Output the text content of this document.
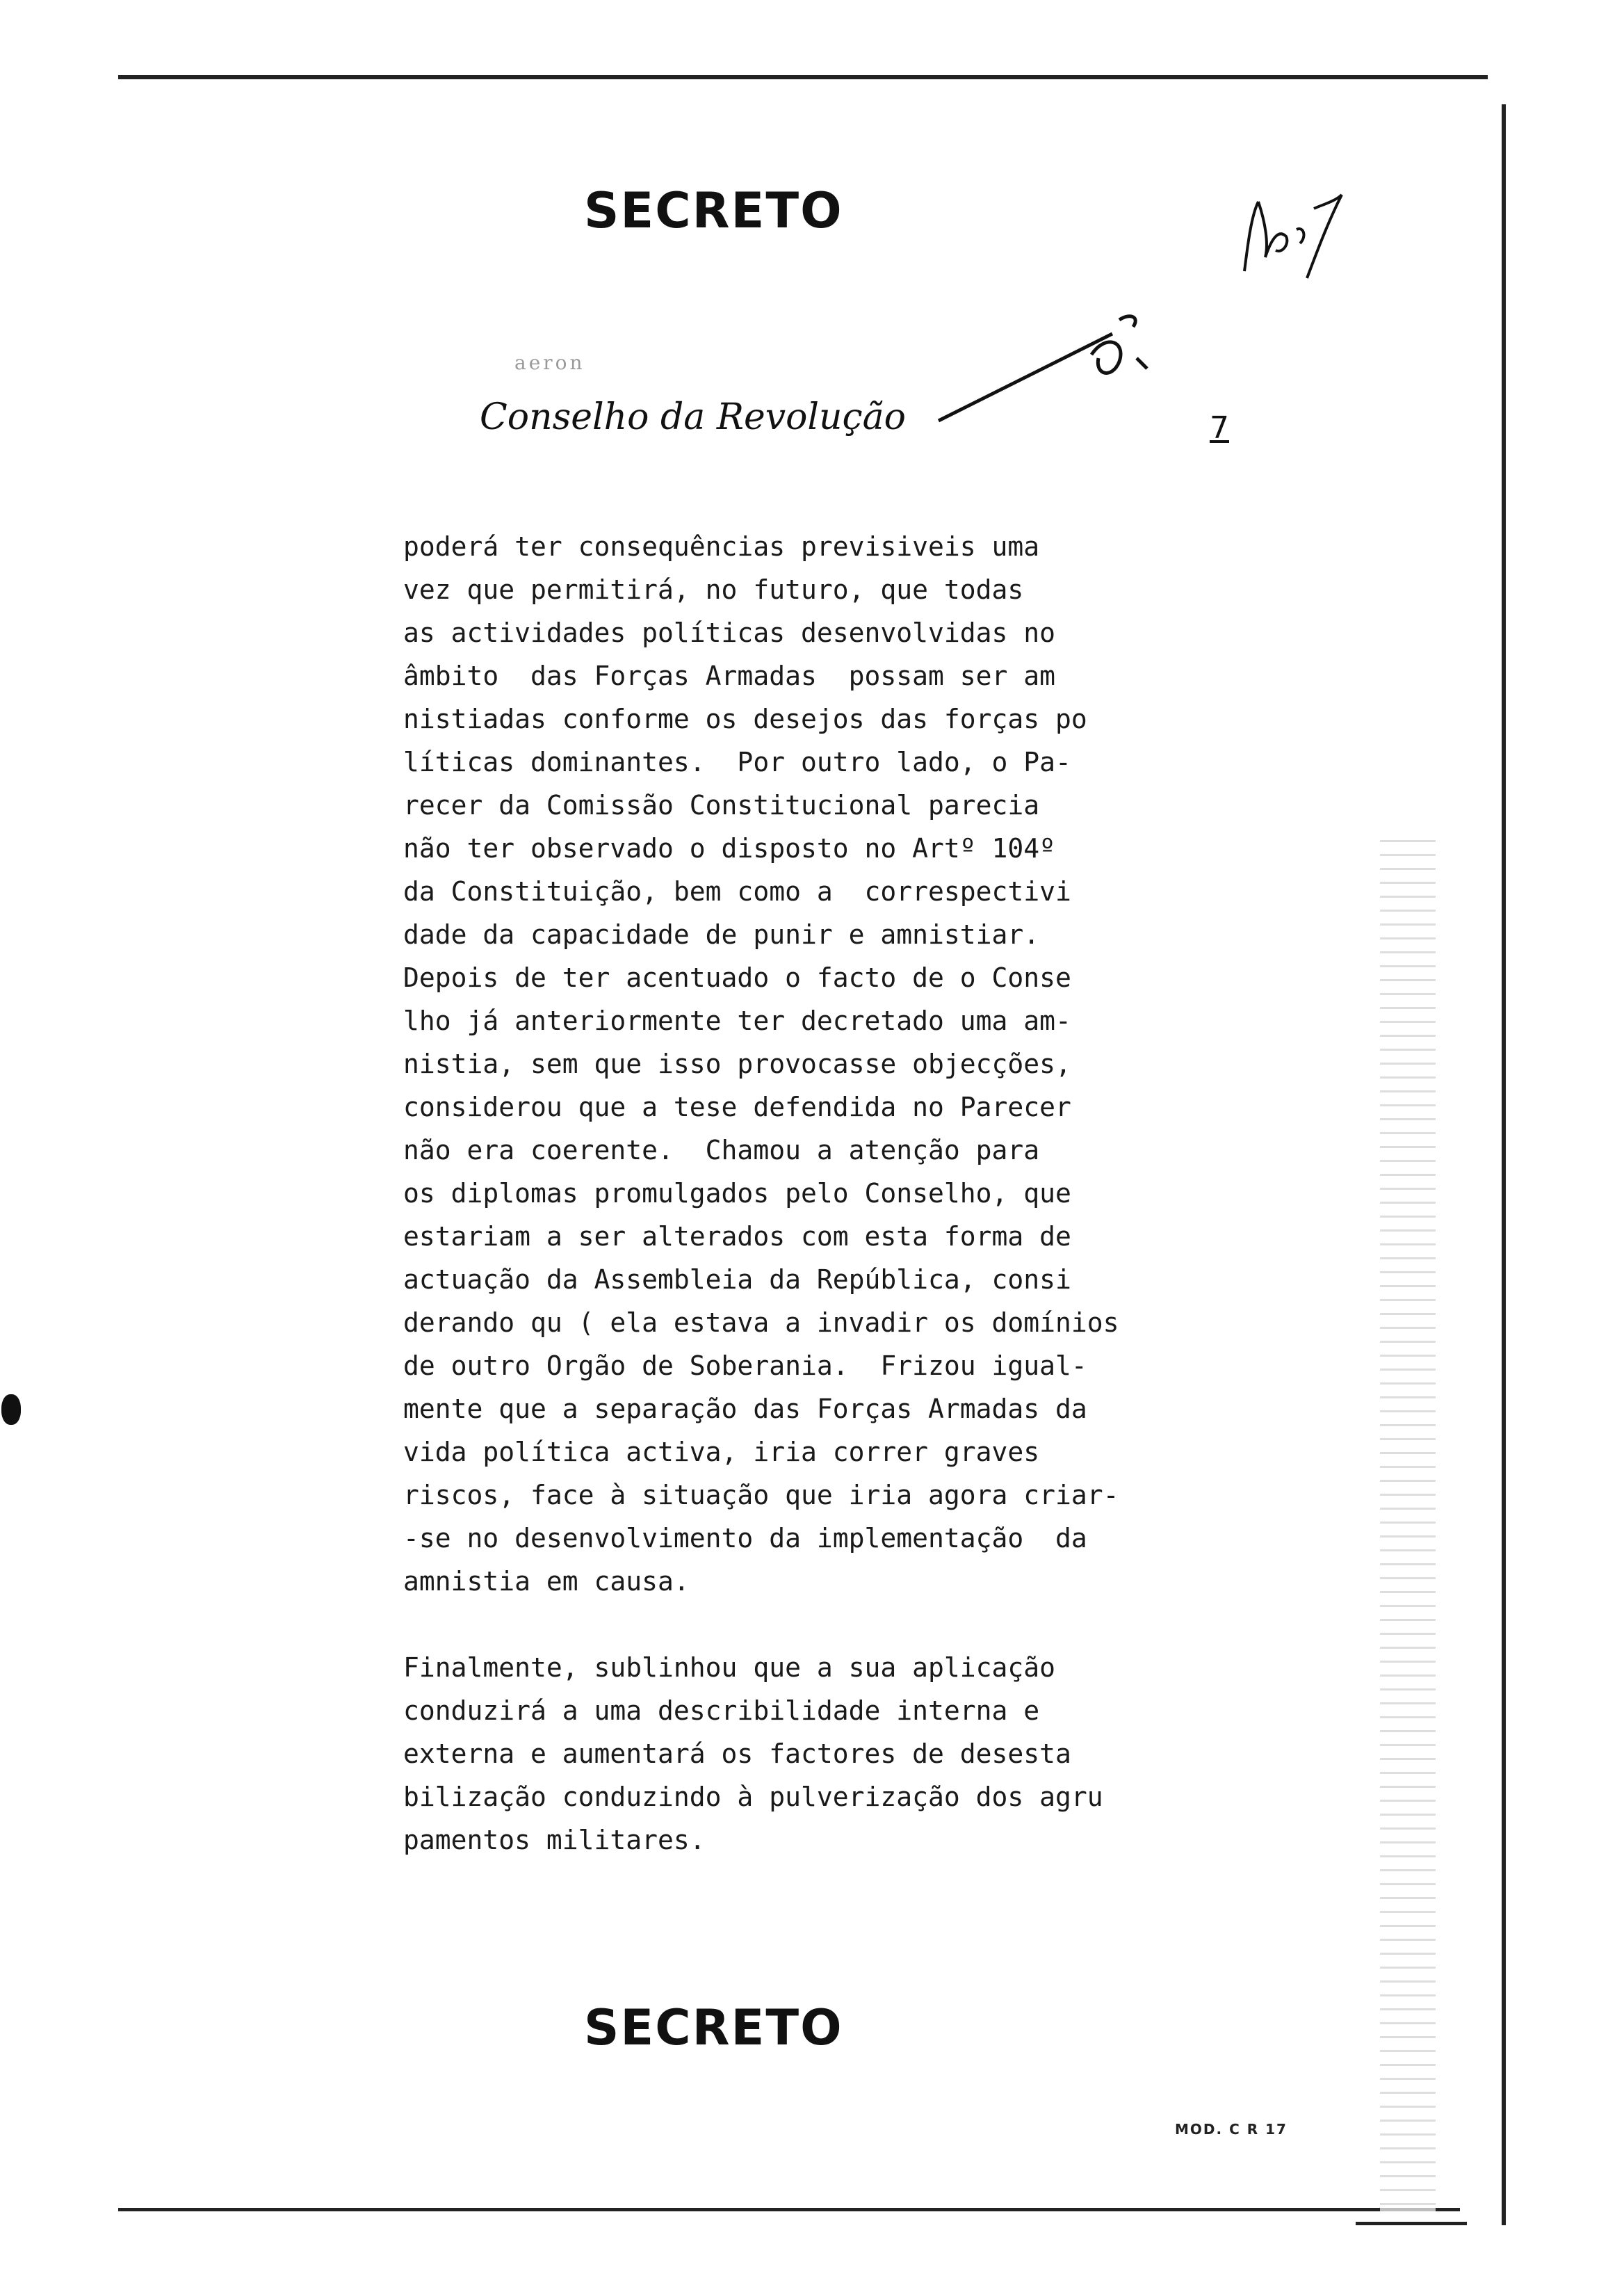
SECRETO
aeron
Conselho da Revolução	7
poderá ter consequências previsiveis uma
vez que permitirá, no futuro, que todas
as actividades políticas desenvolvidas no
âmbito  das Forças Armadas  possam ser am
nistiadas conforme os desejos das forças po
líticas dominantes.  Por outro lado, o Pa-
recer da Comissão Constitucional parecia
não ter observado o disposto no Artº 104º
da Constituição, bem como a  correspectivi
dade da capacidade de punir e amnistiar.
Depois de ter acentuado o facto de o Conse
lho já anteriormente ter decretado uma am-
nistia, sem que isso provocasse objecções,
considerou que a tese defendida no Parecer
não era coerente.  Chamou a atenção para
os diplomas promulgados pelo Conselho, que
estariam a ser alterados com esta forma de
actuação da Assembleia da República, consi
derando qu ( ela estava a invadir os domínios
de outro Orgão de Soberania.  Frizou igual-
mente que a separação das Forças Armadas da
vida política activa, iria correr graves
riscos, face à situação que iria agora criar-
-se no desenvolvimento da implementação  da
amnistia em causa.
Finalmente, sublinhou que a sua aplicação
conduzirá a uma describilidade interna e
externa e aumentará os factores de desesta
bilização conduzindo à pulverização dos agru
pamentos militares.
SECRETO
MOD. C R 17
